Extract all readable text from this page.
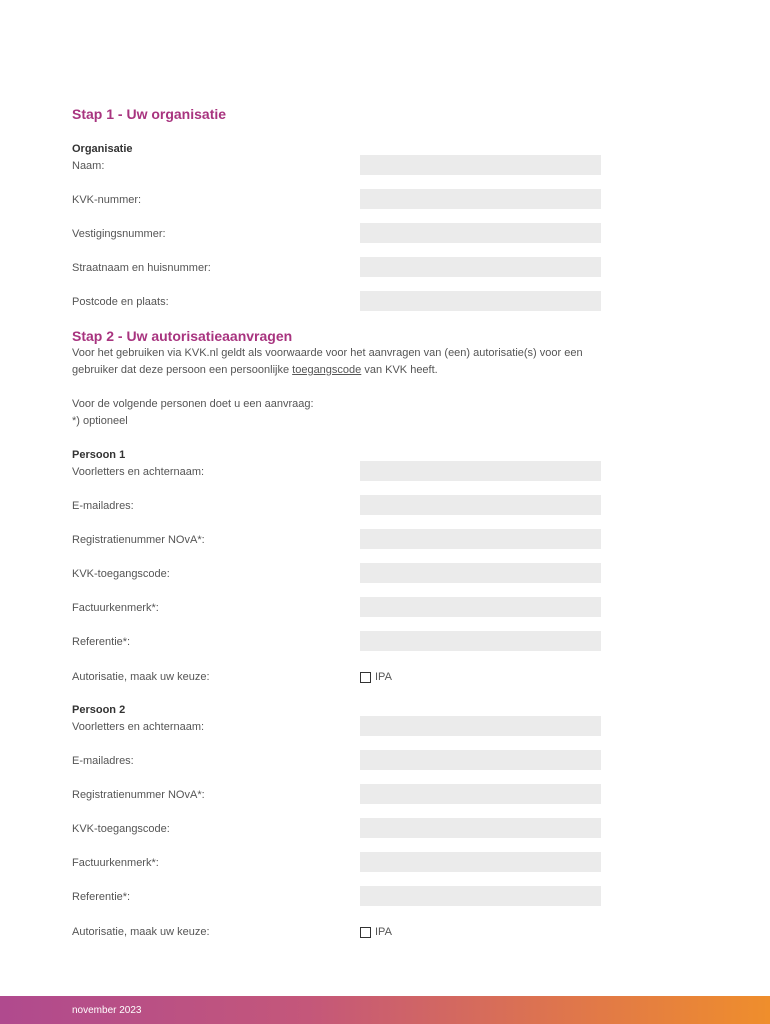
Stap 1 - Uw organisatie
Organisatie
Naam:
KVK-nummer:
Vestigingsnummer:
Straatnaam en huisnummer:
Postcode en plaats:
Stap 2 - Uw autorisatieaanvragen
Voor het gebruiken via KVK.nl geldt als voorwaarde voor het aanvragen van (een) autorisatie(s) voor een
gebruiker dat deze persoon een persoonlijke toegangscode van KVK heeft.
Voor de volgende personen doet u een aanvraag:
*) optioneel
Persoon 1
Voorletters en achternaam:
E-mailadres:
Registratienummer NOvA*:
KVK-toegangscode:
Factuurkenmerk*:
Referentie*:
Autorisatie, maak uw keuze:	IPA
Persoon 2
Voorletters en achternaam:
E-mailadres:
Registratienummer NOvA*:
KVK-toegangscode:
Factuurkenmerk*:
Referentie*:
Autorisatie, maak uw keuze:	IPA
november 2023
